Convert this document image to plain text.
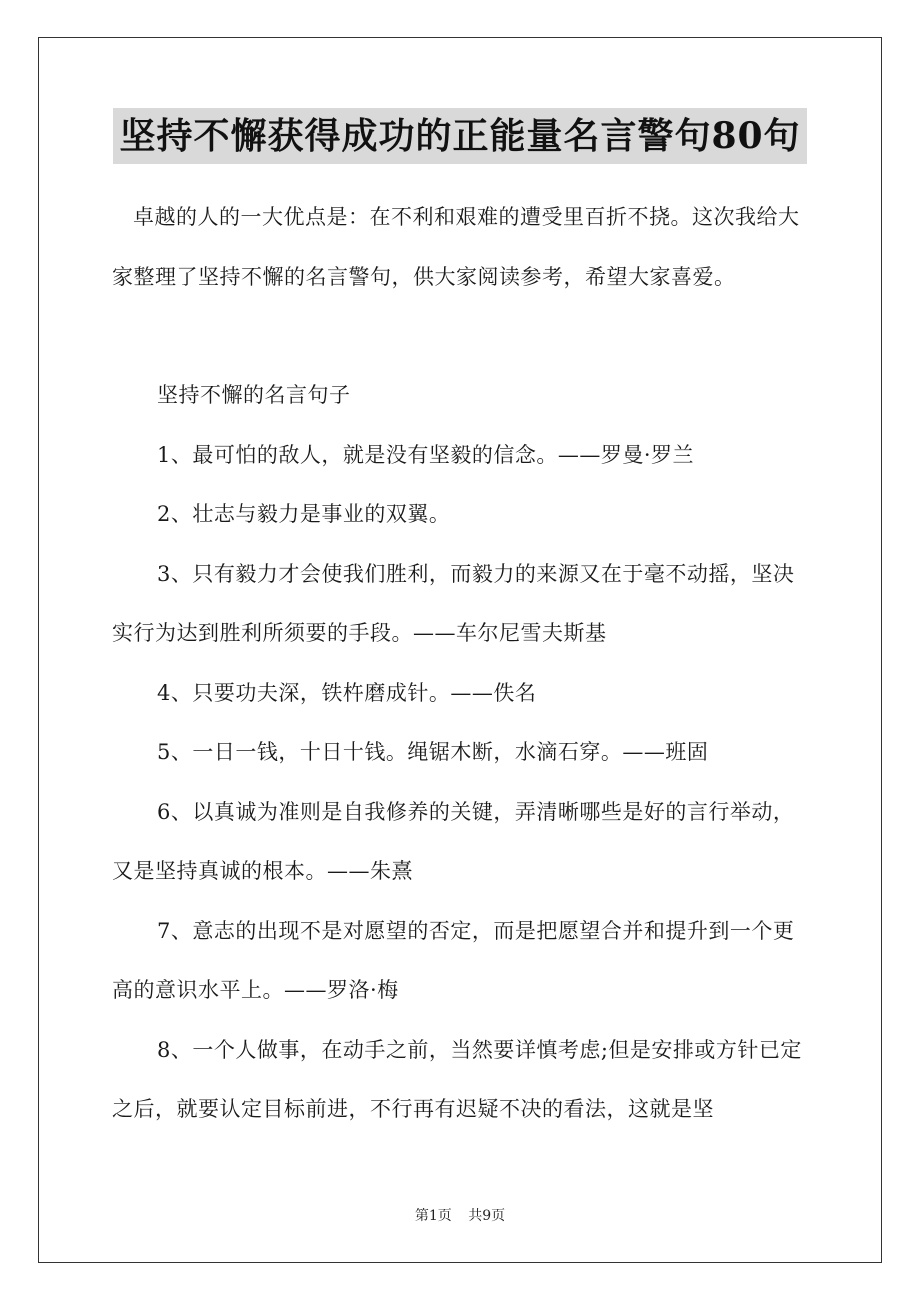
坚持不懈获得成功的正能量名言警句80句

卓越的人的一大优点是：在不利和艰难的遭受里百折不挠。这次我给大家整理了坚持不懈的名言警句，供大家阅读参考，希望大家喜爱。

坚持不懈的名言句子

1、最可怕的敌人，就是没有坚毅的信念。——罗曼·罗兰

2、壮志与毅力是事业的双翼。

3、只有毅力才会使我们胜利，而毅力的来源又在于毫不动摇，坚决实行为达到胜利所须要的手段。——车尔尼雪夫斯基

4、只要功夫深，铁杵磨成针。——佚名

5、一日一钱，十日十钱。绳锯木断，水滴石穿。——班固

6、以真诚为准则是自我修养的关键，弄清晰哪些是好的言行举动，又是坚持真诚的根本。——朱熹

7、意志的出现不是对愿望的否定，而是把愿望合并和提升到一个更高的意识水平上。——罗洛·梅

8、一个人做事，在动手之前，当然要详慎考虑;但是安排或方针已定之后，就要认定目标前进，不行再有迟疑不决的看法，这就是坚

第1页 共9页
